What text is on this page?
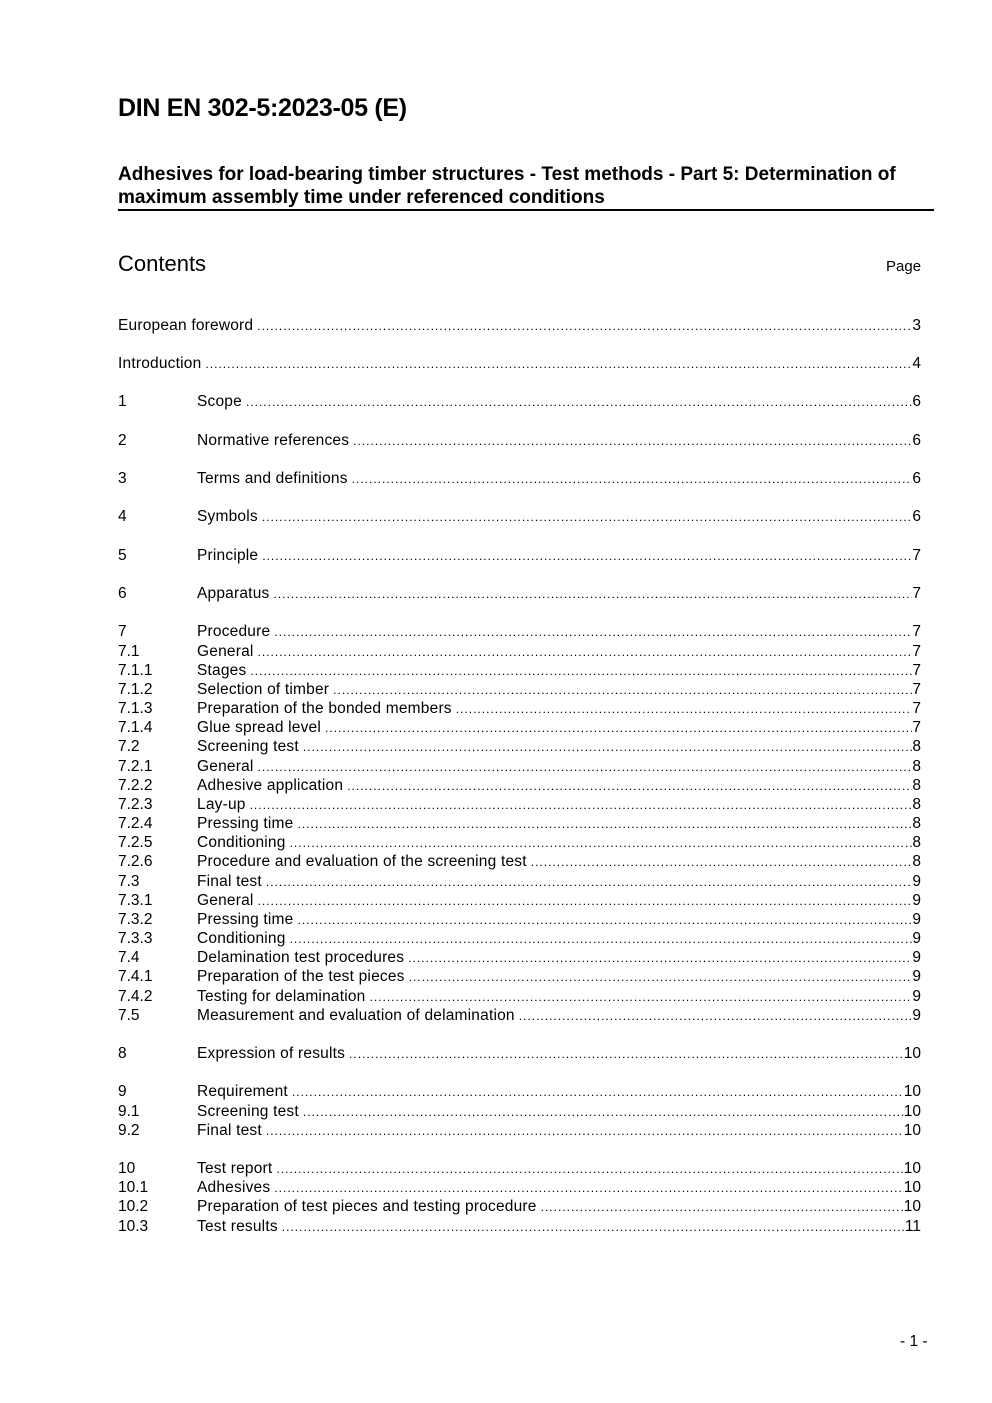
DIN EN 302-5:2023-05 (E)
Adhesives for load-bearing timber structures - Test methods - Part 5: Determination of maximum assembly time under referenced conditions
Contents	Page
European foreword .....	3
Introduction .....	4
1	Scope .....	6
2	Normative references .....	6
3	Terms and definitions .....	6
4	Symbols .....	6
5	Principle .....	7
6	Apparatus .....	7
7	Procedure .....	7
7.1	General .....	7
7.1.1	Stages .....	7
7.1.2	Selection of timber .....	7
7.1.3	Preparation of the bonded members .....	7
7.1.4	Glue spread level .....	7
7.2	Screening test .....	8
7.2.1	General .....	8
7.2.2	Adhesive application .....	8
7.2.3	Lay-up .....	8
7.2.4	Pressing time .....	8
7.2.5	Conditioning .....	8
7.2.6	Procedure and evaluation of the screening test .....	8
7.3	Final test .....	9
7.3.1	General .....	9
7.3.2	Pressing time .....	9
7.3.3	Conditioning .....	9
7.4	Delamination test procedures .....	9
7.4.1	Preparation of the test pieces .....	9
7.4.2	Testing for delamination .....	9
7.5	Measurement and evaluation of delamination .....	9
8	Expression of results .....	10
9	Requirement .....	10
9.1	Screening test .....	10
9.2	Final test .....	10
10	Test report .....	10
10.1	Adhesives .....	10
10.2	Preparation of test pieces and testing procedure .....	10
10.3	Test results .....	11
- 1 -
